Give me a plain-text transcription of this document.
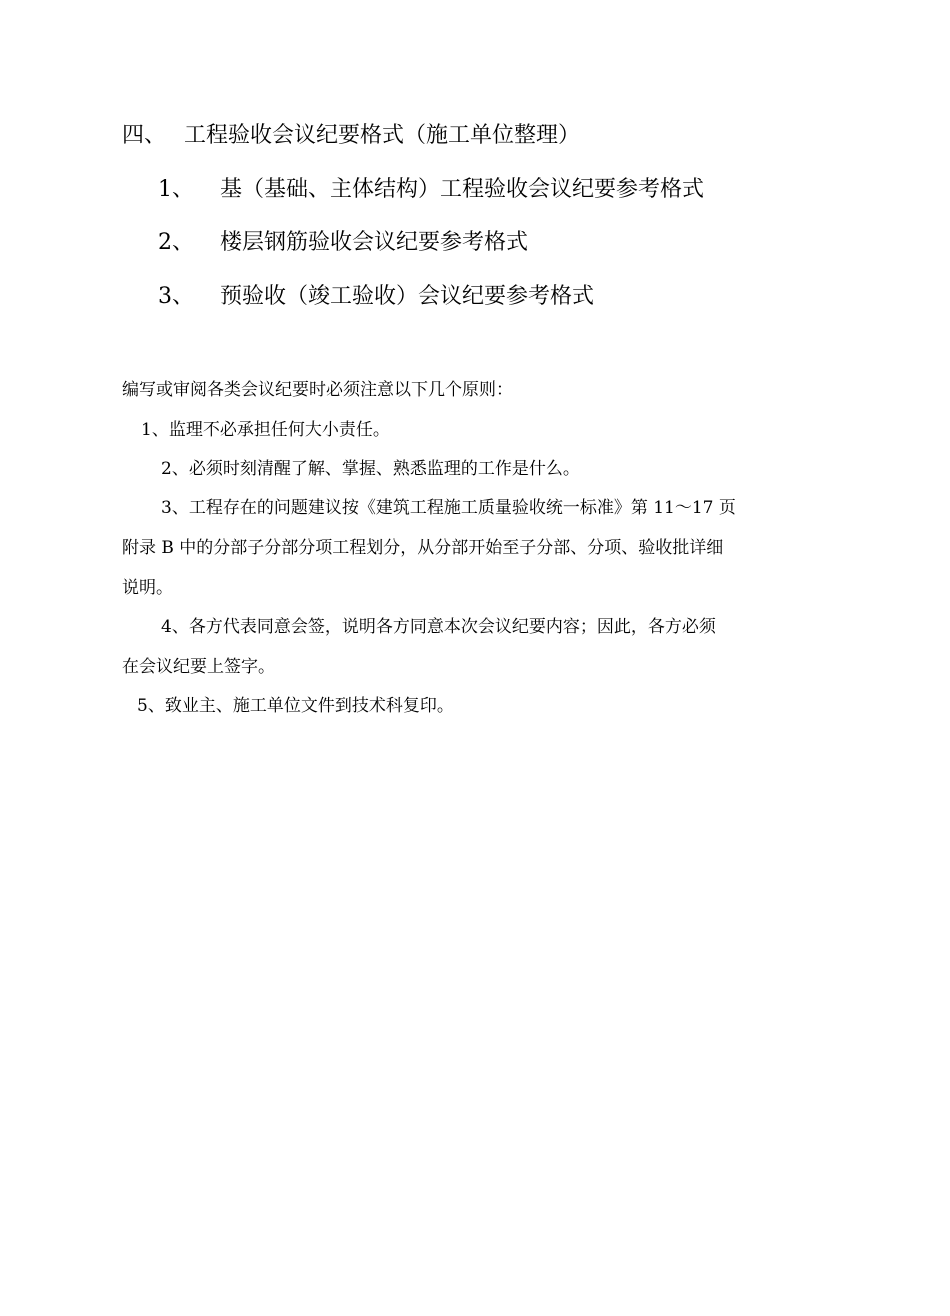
四、 工程验收会议纪要格式（施工单位整理）
1、 基（基础、主体结构）工程验收会议纪要参考格式
2、 楼层钢筋验收会议纪要参考格式
3、 预验收（竣工验收）会议纪要参考格式
编写或审阅各类会议纪要时必须注意以下几个原则：
1、监理不必承担任何大小责任。
2、必须时刻清醒了解、掌握、熟悉监理的工作是什么。
3、工程存在的问题建议按《建筑工程施工质量验收统一标准》第 11～17 页
附录 B 中的分部子分部分项工程划分，从分部开始至子分部、分项、验收批详细
说明。
4、各方代表同意会签，说明各方同意本次会议纪要内容；因此，各方必须
在会议纪要上签字。
5、致业主、施工单位文件到技术科复印。
